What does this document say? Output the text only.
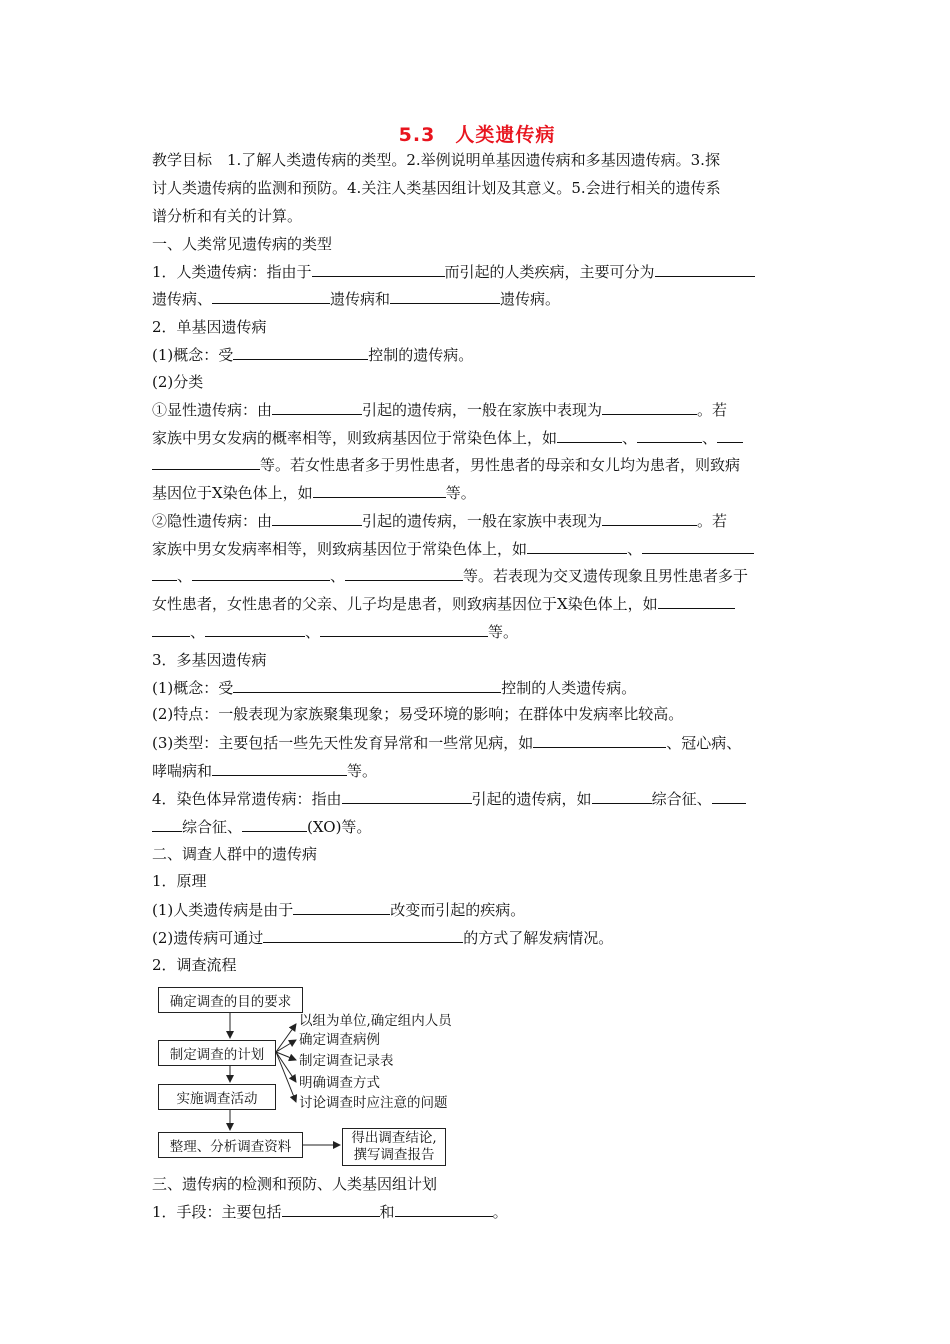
5.3　人类遗传病
教学目标　1.了解人类遗传病的类型。2.举例说明单基因遗传病和多基因遗传病。3.探
讨人类遗传病的监测和预防。4.关注人类基因组计划及其意义。5.会进行相关的遗传系
谱分析和有关的计算。
一、人类常见遗传病的类型
1．人类遗传病：指由于	而引起的人类疾病，主要可分为
遗传病、	遗传病和	遗传病。
2．单基因遗传病
(1)概念：受	控制的遗传病。
(2)分类
①显性遗传病：由	引起的遗传病，一般在家族中表现为	。若
家族中男女发病的概率相等，则致病基因位于常染色体上，如	、	、
等。若女性患者多于男性患者，男性患者的母亲和女儿均为患者，则致病
基因位于X染色体上，如	等。
②隐性遗传病：由	引起的遗传病，一般在家族中表现为	。若
家族中男女发病率相等，则致病基因位于常染色体上，如	、
、	、	等。若表现为交叉遗传现象且男性患者多于
女性患者，女性患者的父亲、儿子均是患者，则致病基因位于X染色体上，如
、	、	等。
3．多基因遗传病
(1)概念：受	控制的人类遗传病。
(2)特点：一般表现为家族聚集现象；易受环境的影响；在群体中发病率比较高。
(3)类型：主要包括一些先天性发育异常和一些常见病，如	、冠心病、
哮喘病和	等。
4．染色体异常遗传病：指由	引起的遗传病，如	综合征、
综合征、	(XO)等。
二、调查人群中的遗传病
1．原理
(1)人类遗传病是由于	改变而引起的疾病。
(2)遗传病可通过	的方式了解发病情况。
2．调查流程
确定调查的目的要求
制定调查的计划
实施调查活动
整理、分析调查资料
得出调查结论,
撰写调查报告
以组为单位,确定组内人员
确定调查病例
制定调查记录表
明确调查方式
讨论调查时应注意的问题
三、遗传病的检测和预防、人类基因组计划
1．手段：主要包括	和	。
